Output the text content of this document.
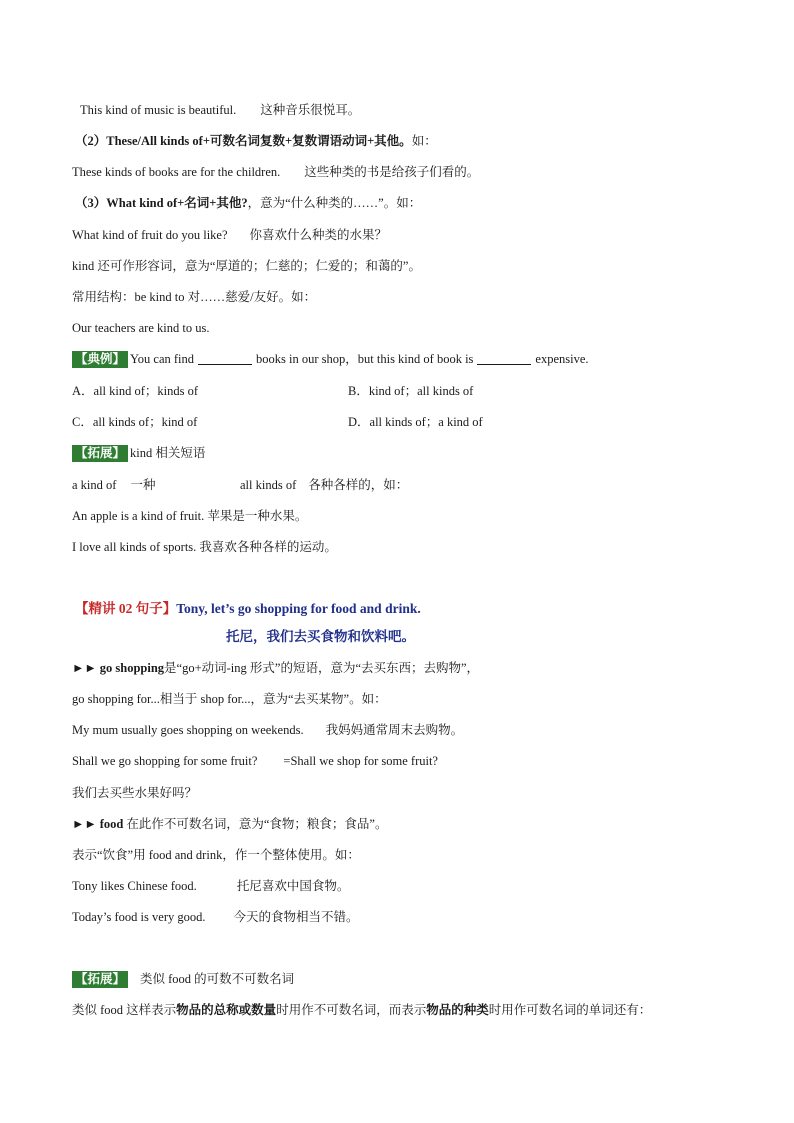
This kind of music is beautiful. 这种音乐很悦耳。
（2）These/All kinds of+可数名词复数+复数谓语动词+其他。如：
These kinds of books are for the children. 这些种类的书是给孩子们看的。
（3）What kind of+名词+其他?，意为“什么种类的……”。如：
What kind of fruit do you like? 你喜欢什么种类的水果？
kind 还可作形容词，意为“厚道的；仁慈的；仁爱的；和蔼的”。
常用结构：be kind to 对……慈爱/友好。如：
Our teachers are kind to us.
【典例】 You can find	books in our shop，but this kind of book is	expensive.
A．all kind of；kinds of	B．kind of；all kinds of
C．all kinds of；kind of	D．all kinds of；a kind of
【拓展】 kind 相关短语
a kind of 一种	all kinds of 各种各样的，如：
An apple is a kind of fruit. 苹果是一种水果。
I love all kinds of sports. 我喜欢各种各样的运动。
【精讲 02 句子】Tony, let’s go shopping for food and drink.
托尼，我们去买食物和饮料吧。
►► go shopping是“go+动词-ing 形式”的短语，意为“去买东西；去购物”，
go shopping for...相当于 shop for...，意为“去买某物”。如：
My mum usually goes shopping on weekends. 我妈妈通常周末去购物。
Shall we go shopping for some fruit? =Shall we shop for some fruit?
我们去买些水果好吗？
►► food 在此作不可数名词，意为“食物；粮食；食品”。
表示“饮食”用 food and drink，作一个整体使用。如：
Tony likes Chinese food.	托尼喜欢中国食物。
Today’s food is very good. 今天的食物相当不错。
【拓展】 类似 food 的可数不可数名词
类似 food 这样表示物品的总称或数量时用作不可数名词，而表示物品的种类时用作可数名词的单词还有：
